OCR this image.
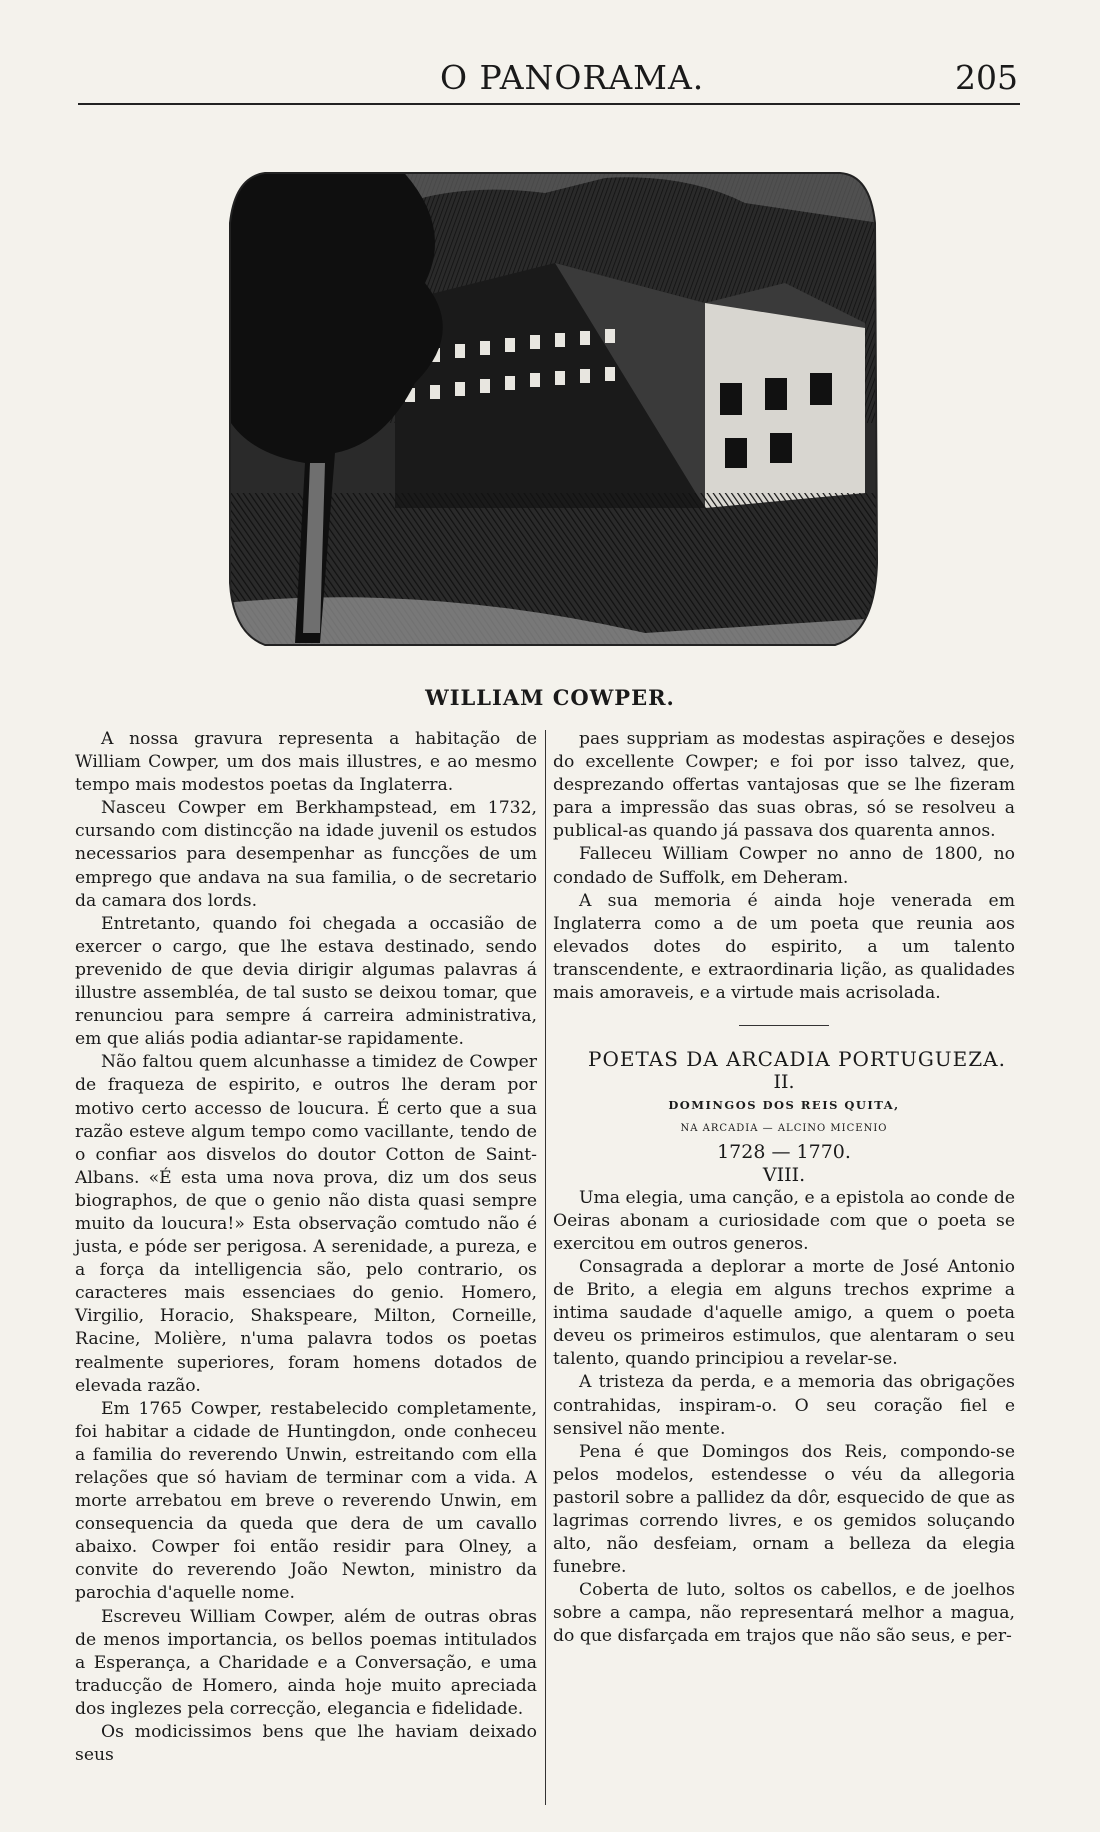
O PANORAMA.	205
WILLIAM COWPER.

A nossa gravura representa a habitação de William Cowper, um dos mais illustres, e ao mesmo tempo mais modestos poetas da Inglaterra.

Nasceu Cowper em Berkhampstead, em 1732, cursando com distincção na idade juvenil os estudos necessarios para desempenhar as funcções de um emprego que andava na sua familia, o de secretario da camara dos lords.

Entretanto, quando foi chegada a occasião de exercer o cargo, que lhe estava destinado, sendo prevenido de que devia dirigir algumas palavras á illustre assembléa, de tal susto se deixou tomar, que renunciou para sempre á carreira administrativa, em que aliás podia adiantar-se rapidamente.

Não faltou quem alcunhasse a timidez de Cowper de fraqueza de espirito, e outros lhe deram por motivo certo accesso de loucura. É certo que a sua razão esteve algum tempo como vacillante, tendo de o confiar aos disvelos do doutor Cotton de Saint-Albans. «É esta uma nova prova, diz um dos seus biographos, de que o genio não dista quasi sempre muito da loucura!» Esta observação comtudo não é justa, e póde ser perigosa. A serenidade, a pureza, e a força da intelligencia são, pelo contrario, os caracteres mais essenciaes do genio. Homero, Virgilio, Horacio, Shakspeare, Milton, Corneille, Racine, Molière, n'uma palavra todos os poetas realmente superiores, foram homens dotados de elevada razão.

Em 1765 Cowper, restabelecido completamente, foi habitar a cidade de Huntingdon, onde conheceu a familia do reverendo Unwin, estreitando com ella relações que só haviam de terminar com a vida. A morte arrebatou em breve o reverendo Unwin, em consequencia da queda que dera de um cavallo abaixo. Cowper foi então residir para Olney, a convite do reverendo João Newton, ministro da parochia d'aquelle nome.

Escreveu William Cowper, além de outras obras de menos importancia, os bellos poemas intitulados a Esperança, a Charidade e a Conversação, e uma traducção de Homero, ainda hoje muito apreciada dos inglezes pela correcção, elegancia e fidelidade.

Os modicissimos bens que lhe haviam deixado seus

paes suppriam as modestas aspirações e desejos do excellente Cowper; e foi por isso talvez, que, desprezando offertas vantajosas que se lhe fizeram para a impressão das suas obras, só se resolveu a publical-as quando já passava dos quarenta annos.

Falleceu William Cowper no anno de 1800, no condado de Suffolk, em Deheram.

A sua memoria é ainda hoje venerada em Inglaterra como a de um poeta que reunia aos elevados dotes do espirito, a um talento transcendente, e extraordinaria lição, as qualidades mais amoraveis, e a virtude mais acrisolada.

POETAS DA ARCADIA PORTUGUEZA.

II.

DOMINGOS DOS REIS QUITA,

NA ARCADIA — ALCINO MICENIO

1728 — 1770.

VIII.

Uma elegia, uma canção, e a epistola ao conde de Oeiras abonam a curiosidade com que o poeta se exercitou em outros generos.

Consagrada a deplorar a morte de José Antonio de Brito, a elegia em alguns trechos exprime a intima saudade d'aquelle amigo, a quem o poeta deveu os primeiros estimulos, que alentaram o seu talento, quando principiou a revelar-se.

A tristeza da perda, e a memoria das obrigações contrahidas, inspiram-o. O seu coração fiel e sensivel não mente.

Pena é que Domingos dos Reis, compondo-se pelos modelos, estendesse o véu da allegoria pastoril sobre a pallidez da dôr, esquecido de que as lagrimas correndo livres, e os gemidos soluçando alto, não desfeiam, ornam a belleza da elegia funebre.

Coberta de luto, soltos os cabellos, e de joelhos sobre a campa, não representará melhor a magua, do que disfarçada em trajos que não são seus, e per-
